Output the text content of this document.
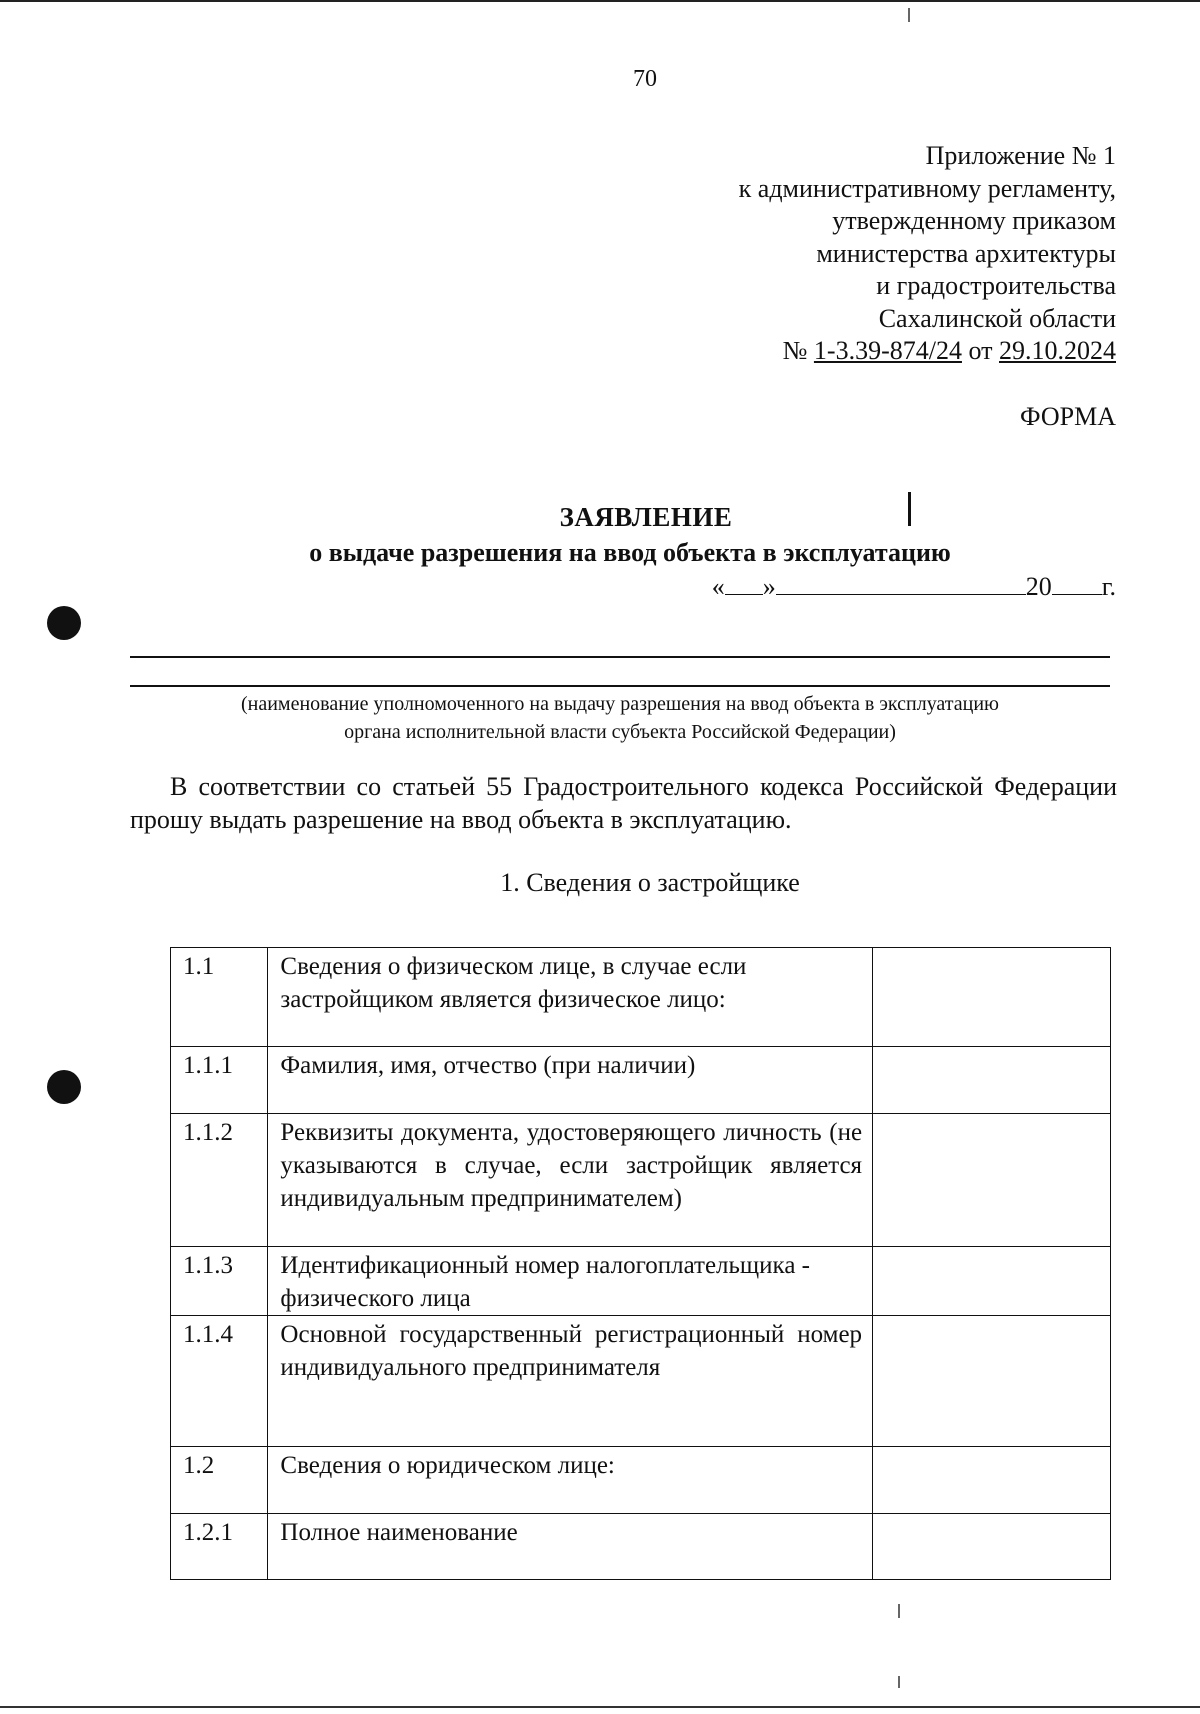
70
Приложение № 1
к административному регламенту,
утвержденному приказом
министерства архитектуры
и градостроительства
Сахалинской области
№ 1-3.39-874/24 от 29.10.2024
ФОРМА
ЗАЯВЛЕНИЕ
о выдаче разрешения на ввод объекта в эксплуатацию
« »	20 г.
(наименование уполномоченного на выдачу разрешения на ввод объекта в эксплуатацию
органа исполнительной власти субъекта Российской Федерации)
В соответствии со статьей 55 Градостроительного кодекса Российской Федерации прошу выдать разрешение на ввод объекта в эксплуатацию.
1. Сведения о застройщике
1.1	Сведения о физическом лице, в случае если застройщиком является физическое лицо:	
1.1.1	Фамилия, имя, отчество (при наличии)	
1.1.2	Реквизиты документа, удостоверяющего личность (не указываются в случае, если застройщик является индивидуальным предпринимателем)	
1.1.3	Идентификационный номер налогоплательщика - физического лица	
1.1.4	Основной государственный регистрационный номер индивидуального предпринимателя	
1.2	Сведения о юридическом лице:	
1.2.1	Полное наименование	
